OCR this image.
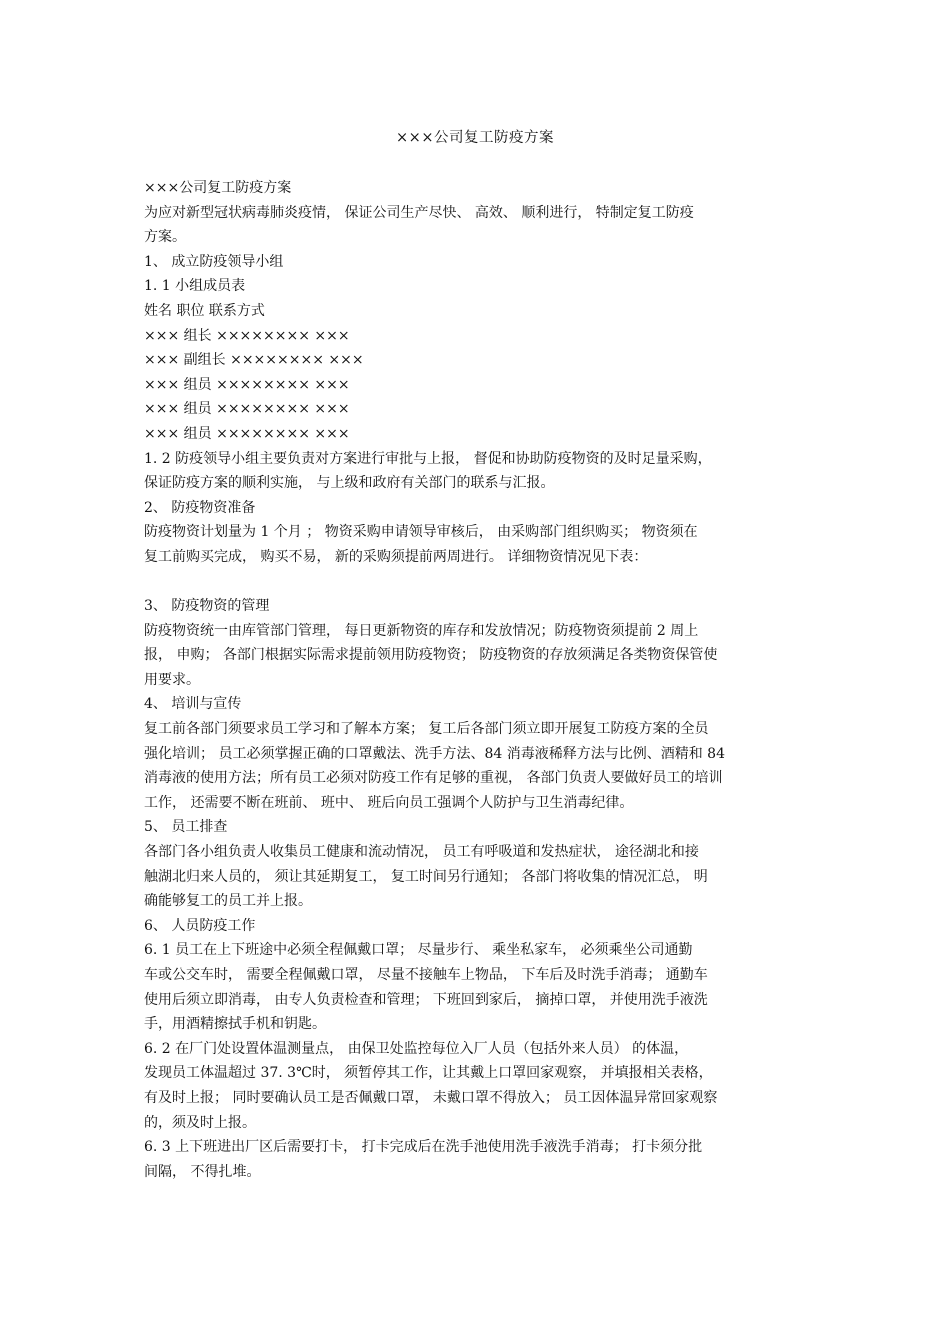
×××公司复工防疫方案

×××公司复工防疫方案

为应对新型冠状病毒肺炎疫情， 保证公司生产尽快、 高效、 顺利进行， 特制定复工防疫

方案。

1、 成立防疫领导小组

1. 1 小组成员表

姓名 职位 联系方式

××× 组长 ×××××××× ×××

××× 副组长 ×××××××× ×××

××× 组员 ×××××××× ×××

××× 组员 ×××××××× ×××

××× 组员 ×××××××× ×××

1. 2 防疫领导小组主要负责对方案进行审批与上报， 督促和协助防疫物资的及时足量采购，

保证防疫方案的顺利实施， 与上级和政府有关部门的联系与汇报。

2、 防疫物资准备

防疫物资计划量为 1 个月 ； 物资采购申请领导审核后， 由采购部门组织购买； 物资须在

复工前购买完成， 购买不易， 新的采购须提前两周进行。 详细物资情况见下表：

3、 防疫物资的管理

防疫物资统一由库管部门管理， 每日更新物资的库存和发放情况；防疫物资须提前 2 周上

报， 申购； 各部门根据实际需求提前领用防疫物资； 防疫物资的存放须满足各类物资保管使

用要求。

4、 培训与宣传

复工前各部门须要求员工学习和了解本方案； 复工后各部门须立即开展复工防疫方案的全员

强化培训； 员工必须掌握正确的口罩戴法、洗手方法、84 消毒液稀释方法与比例、酒精和 84

消毒液的使用方法；所有员工必须对防疫工作有足够的重视， 各部门负责人要做好员工的培训

工作， 还需要不断在班前、 班中、 班后向员工强调个人防护与卫生消毒纪律。

5、 员工排查

各部门各小组负责人收集员工健康和流动情况， 员工有呼吸道和发热症状， 途径湖北和接

触湖北归来人员的， 须让其延期复工， 复工时间另行通知； 各部门将收集的情况汇总， 明

确能够复工的员工并上报。

6、 人员防疫工作

6. 1 员工在上下班途中必须全程佩戴口罩； 尽量步行、 乘坐私家车， 必须乘坐公司通勤

车或公交车时， 需要全程佩戴口罩， 尽量不接触车上物品， 下车后及时洗手消毒； 通勤车

使用后须立即消毒， 由专人负责检查和管理； 下班回到家后， 摘掉口罩， 并使用洗手液洗

手，用酒精擦拭手机和钥匙。

6. 2 在厂门处设置体温测量点， 由保卫处监控每位入厂人员（包括外来人员） 的体温，

发现员工体温超过 37. 3℃时， 须暂停其工作，让其戴上口罩回家观察， 并填报相关表格，

有及时上报； 同时要确认员工是否佩戴口罩， 未戴口罩不得放入； 员工因体温异常回家观察

的，须及时上报。

6. 3 上下班进出厂区后需要打卡， 打卡完成后在洗手池使用洗手液洗手消毒； 打卡须分批

间隔， 不得扎堆。
